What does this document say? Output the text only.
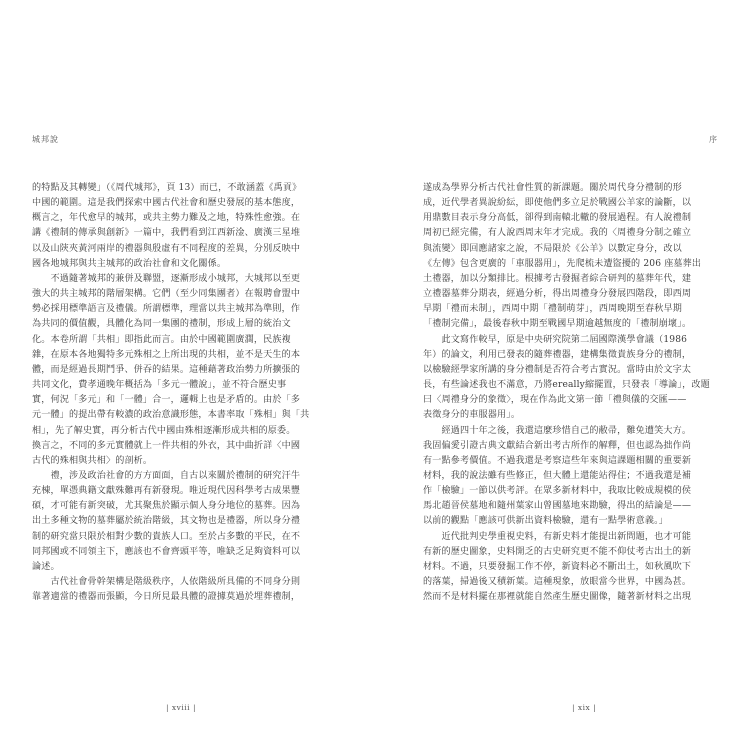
城邦說
的特點及其轉變」（《周代城邦》，頁 13）而已，不敢涵蓋《禹貢》
中國的範圍。這是我們探索中國古代社會和歷史發展的基本態度，
概言之，年代愈早的城邦，或共主勢力難及之地，特殊性愈強。在
講《禮制的傳承與創新》一篇中，我們看到江西新淦、廣漢三星堆
以及山陝夾黃河兩岸的禮器與殷虛有不同程度的差異，分別反映中
國各地城邦與共主城邦的政治社會和文化關係。
　　不過隨著城邦的兼併及聯盟，逐漸形成小城邦，大城邦以至更
強大的共主城邦的階層架構。它們（至少同集團者）在報聘會盟中
勢必採用標準語言及禮儀。所謂標準，理當以共主城邦為準則，作
為共同的價值觀，具體化為同一集團的禮制，形成上層的統治文
化。本卷所謂「共相」即指此而言。由於中國範圍廣濶，民族複
雜，在原本各地獨特多元殊相之上所出現的共相，並不是天生的本
體，而是經過長期鬥爭、併吞的結果。這種藉著政治勢力所擴張的
共同文化，費孝通晚年概括為「多元一體說」，並不符合歷史事
實，何況「多元」和「一體」合一，邏輯上也是矛盾的。由於「多
元一體」的提出帶有較濃的政治意識形態，本書率取「殊相」與「共
相」，先了解史實，再分析古代中國由殊相逐漸形成共相的原委。
換言之，不同的多元實體就上一件共相的外衣，其中曲折詳〈中國
古代的殊相與共相〉的剖析。
　　禮，涉及政治社會的方方面面，自古以來關於禮制的研究汗牛
充棟，單憑典籍文獻殊難再有新發現。唯近現代因科學考古成果豐
碩，才可能有新突破，尤其聚焦於顯示個人身分地位的墓葬。因為
出土多種文物的墓葬屬於統治階級，其文物也是禮器，所以身分禮
制的研究當只限於相對少數的貴族人口。至於占多數的平民，在不
同邦國或不同領主下，應該也不會齊頭平等，唯缺乏足夠資料可以
論述。
　　古代社會骨幹架構是階級秩序，人依階級所具備的不同身分則
靠著適當的禮器而張顯，今日所見最具體的證據莫過於埋葬禮制，
| xviii |
序
遂成為學界分析古代社會性質的新課題。關於周代身分禮制的形
成，近代學者異說紛紜，即使他們多立足於戰國公羊家的論斷，以
用鼎數目表示身分高低，卻得到南轅北轍的發展過程。有人說禮制
周初已經完備，有人說西周末年才完成。我的〈周禮身分制之確立
與流變〉即回應諸家之說，不局限於《公羊》以數定身分，改以
《左傳》包含更廣的「車服器用」，先爬梳未遭盜擾的 206 座墓葬出
土禮器，加以分類排比。根據考古發掘者綜合研判的墓葬年代，建
立禮器墓葬分期表，經過分析，得出周禮身分發展四階段，即西周
早期「禮而未制」，西周中期「禮制萌芽」，西周晚期至春秋早期
「禮制完備」，最後春秋中期至戰國早期逾越無度的「禮制崩壞」。
　　此文寫作較早，原是中央研究院第二屆國際漢學會議（1986
年）的論文，利用已發表的隨葬禮器，建構集徵貴族身分的禮制，
以檢驗經學家所講的身分禮制是否符合考古實況。當時由於文字太
長，有些論述我也不滿意，乃將ereally縮擺置，只發表「導論」，改題
曰〈周禮身分的象徵〉，現在作為此文第一節「禮與儀的交匯——
表徵身分的車服器用」。
　　經過四十年之後，我還這麼珍惜自己的敝帚，難免遭笑大方。
我固偏愛引證古典文獻結合新出考古所作的解釋，但也認為拙作尚
有一點參考價值。不過我還是考察這些年來與這課題相關的重要新
材料，我的說法雖有些修正，但大體上還能站得住；不過我還是補
作「檢驗」一節以供考評。在眾多新材料中，我取比較成規模的侯
馬北趙晉侯墓地和隨州葉家山曾國墓地來勘驗，得出的結論是——
以前的觀點「應該可供新出資料檢驗，還有一點學術意義。」
　　近代批判史學重視史料，有新史料才能提出新問題，也才可能
有新的歷史圖象，史料開乏的古史研究更不能不仰仗考古出土的新
材料。不過，只要發掘工作不停，新資料必不斷出土，如秋風吹下
的落葉，掃過後又積新葉。這種現象，放眼當今世界，中國為甚。
然而不是材料擺在那裡就能自然產生歷史圖像，隨著新材料之出現
| xix |
